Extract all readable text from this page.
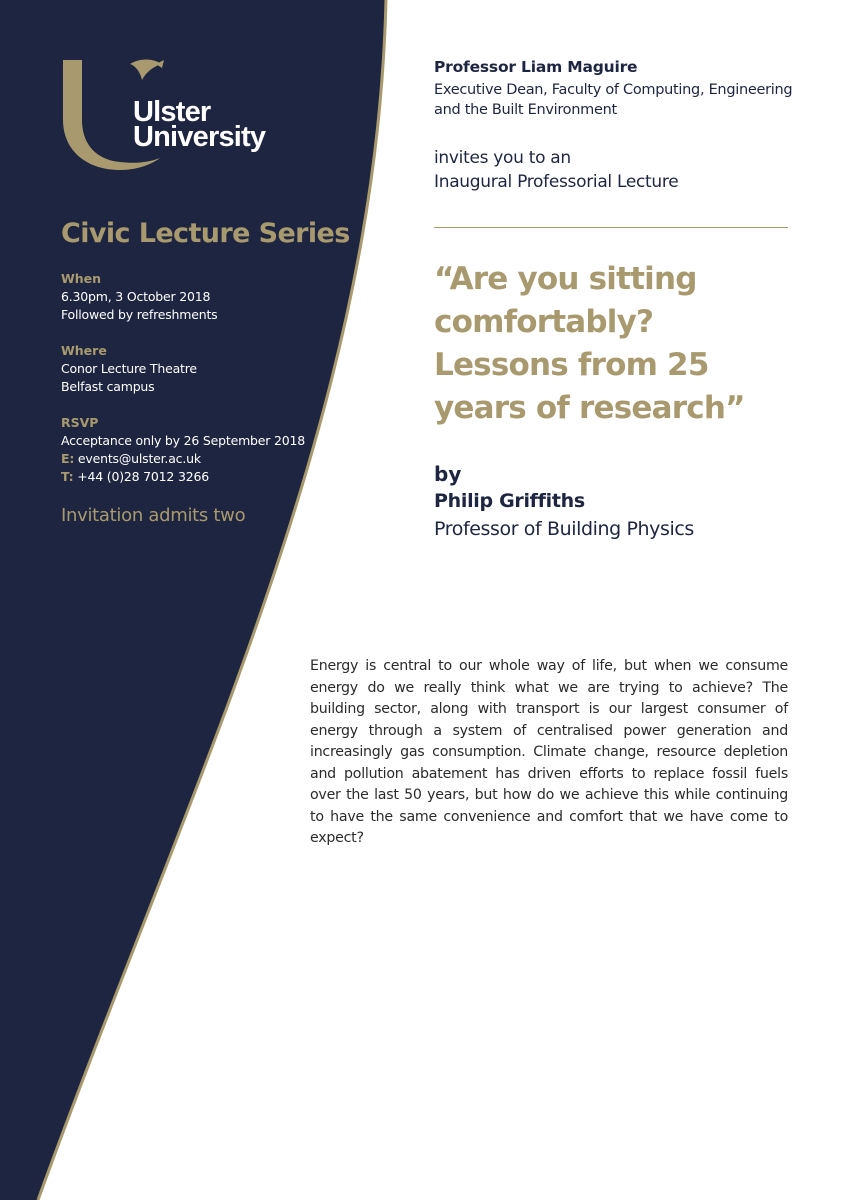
Ulster
University
Civic Lecture Series
When
6.30pm, 3 October 2018
Followed by refreshments
Where
Conor Lecture Theatre
Belfast campus
RSVP
Acceptance only by 26 September 2018
E: events@ulster.ac.uk
T: +44 (0)28 7012 3266
Invitation admits two
Professor Liam Maguire
Executive Dean, Faculty of Computing, Engineering and the Built Environment
invites you to an
Inaugural Professorial Lecture
“Are you sitting
comfortably?
Lessons from 25
years of research”
by
Philip Griffiths
Professor of Building Physics
Energy is central to our whole way of life, but when we consume energy do we really think what we are trying to achieve? The building sector, along with transport is our largest consumer of energy through a system of centralised power generation and increasingly gas consumption. Climate change, resource depletion and pollution abatement has driven efforts to replace fossil fuels over the last 50 years, but how do we achieve this while continuing to have the same convenience and comfort that we have come to expect?
